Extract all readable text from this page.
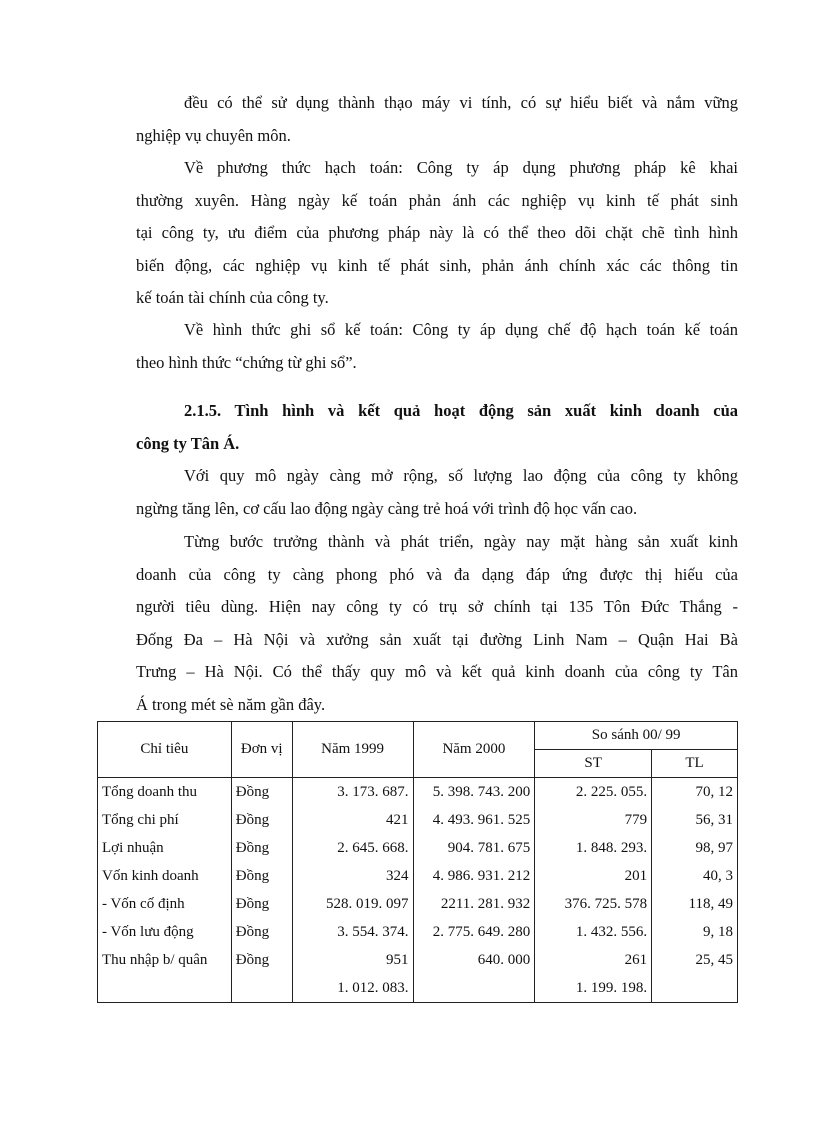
đều có thể sử dụng thành thạo máy vi tính, có sự hiểu biết và nắm vững
nghiệp vụ chuyên môn.
Về phương thức hạch toán: Công ty áp dụng phương pháp kê khai
thường xuyên. Hàng ngày kế toán phản ánh các nghiệp vụ kinh tế phát sinh
tại công ty, ưu điểm của phương pháp này là có thể theo dõi chặt chẽ tình hình
biến động, các nghiệp vụ kinh tế phát sinh, phản ánh chính xác các thông tin
kế toán tài chính của công ty.
Về hình thức ghi sổ kế toán: Công ty áp dụng chế độ hạch toán kế toán
theo hình thức “chứng từ ghi sổ”.
2.1.5. Tình hình và kết quả hoạt động sản xuất kinh doanh của
công ty Tân Á.
Với quy mô ngày càng mở rộng, số lượng lao động của công ty không
ngừng tăng lên, cơ cấu lao động ngày càng trẻ hoá với trình độ học vấn cao.
Từng bước trưởng thành và phát triển, ngày nay mặt hàng sản xuất kinh
doanh của công ty càng phong phó và đa dạng đáp ứng được thị hiếu của
người tiêu dùng. Hiện nay công ty có trụ sở chính tại 135 Tôn Đức Thắng -
Đống Đa – Hà Nội và xưởng sản xuất tại đường Linh Nam – Quận Hai Bà
Trưng – Hà Nội. Có thể thấy quy mô và kết quả kinh doanh của công ty Tân
Á trong mét sè năm gần đây.
Chỉ tiêu	Đơn vị	Năm 1999	Năm 2000	So sánh 00/ 99	
				ST	TL
Tổng doanh thu	Đồng	3. 173. 687.	5. 398. 743. 200	2. 225. 055.	70, 12
Tổng chi phí	Đồng	421	4. 493. 961. 525	779	56, 31
Lợi nhuận	Đồng	2. 645. 668.	904. 781. 675	1. 848. 293.	98, 97
Vốn kinh doanh	Đồng	324	4. 986. 931. 212	201	40, 3
- Vốn cố định	Đồng	528. 019. 097	2211. 281. 932	376. 725. 578	118, 49
- Vốn lưu động	Đồng	3. 554. 374.	2. 775. 649. 280	1. 432. 556.	9, 18
Thu nhập b/ quân	Đồng	951	640. 000	261	25, 45
		1. 012. 083.		1. 199. 198.	
